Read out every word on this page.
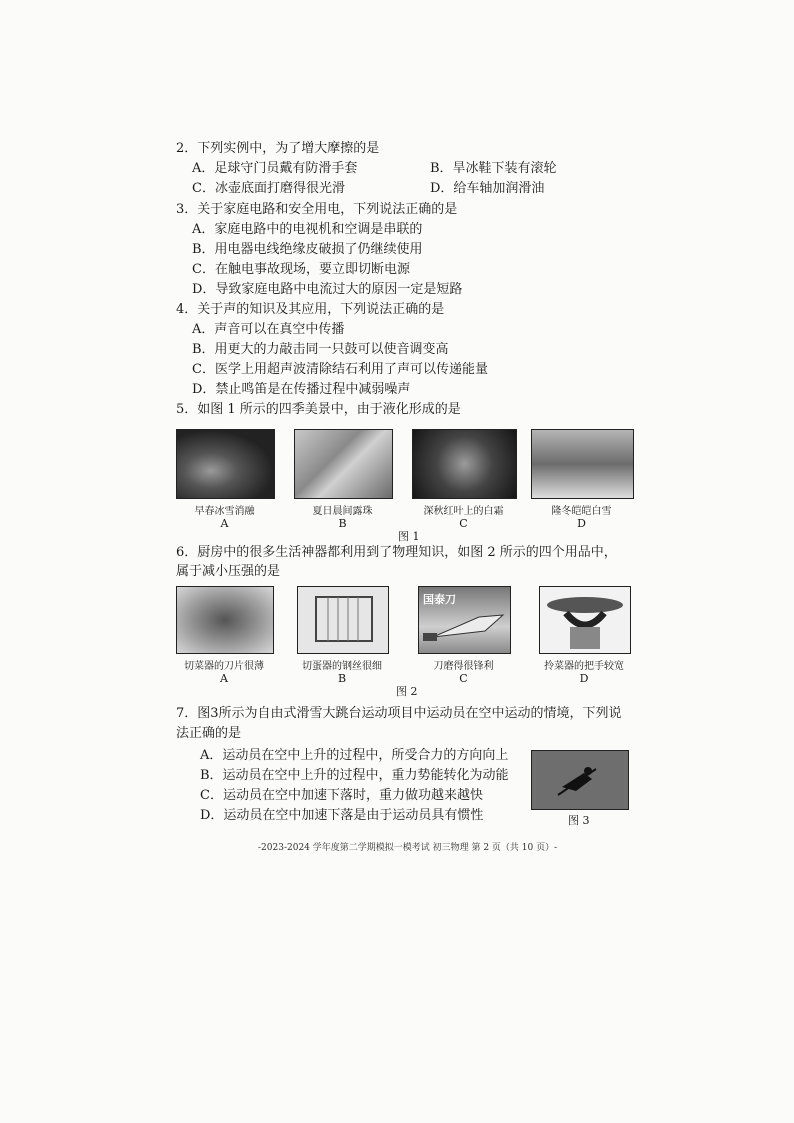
2．下列实例中，为了增大摩擦的是
A．足球守门员戴有防滑手套	B．旱冰鞋下装有滚轮
C．冰壶底面打磨得很光滑	D．给车轴加润滑油
3．关于家庭电路和安全用电，下列说法正确的是
A．家庭电路中的电视机和空调是串联的
B．用电器电线绝缘皮破损了仍继续使用
C．在触电事故现场，要立即切断电源
D．导致家庭电路中电流过大的原因一定是短路
4．关于声的知识及其应用，下列说法正确的是
A．声音可以在真空中传播
B．用更大的力敲击同一只鼓可以使音调变高
C．医学上用超声波清除结石利用了声可以传递能量
D．禁止鸣笛是在传播过程中减弱噪声
5．如图 1 所示的四季美景中，由于液化形成的是
早春冰雪消融
A
夏日晨间露珠
B
深秋红叶上的白霜
C
隆冬皑皑白雪
D
图 1
6．厨房中的很多生活神器都利用到了物理知识，如图 2 所示的四个用品中，
属于减小压强的是
国泰刀
切菜器的刀片很薄
A
切蛋器的钢丝很细
B
刀磨得很锋利
C
拎菜器的把手较宽
D
图 2
7．图3所示为自由式滑雪大跳台运动项目中运动员在空中运动的情境，下列说
法正确的是
A．运动员在空中上升的过程中，所受合力的方向向上
B．运动员在空中上升的过程中，重力势能转化为动能
C．运动员在空中加速下落时，重力做功越来越快
D．运动员在空中加速下落是由于运动员具有惯性	图 3
-2023-2024 学年度第二学期模拟一模考试 初三物理 第 2 页（共 10 页）-
